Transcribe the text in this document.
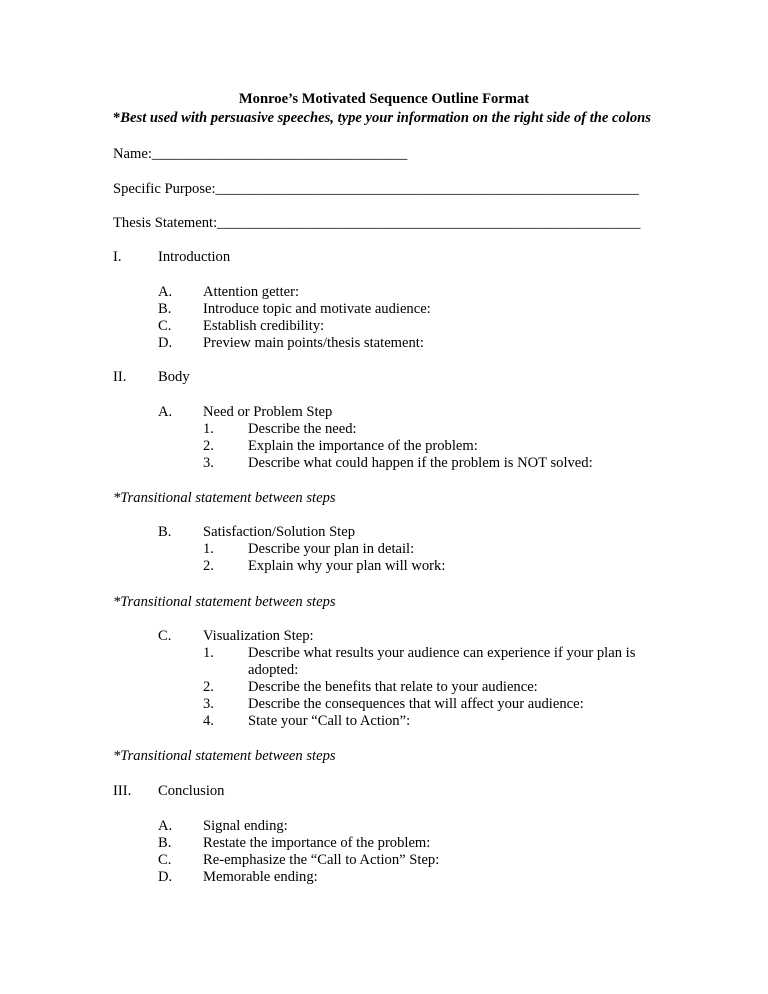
Monroe’s Motivated Sequence Outline Format
*Best used with persuasive speeches, type your information on the right side of the colons
Name:___________________________________
Specific Purpose:__________________________________________________________
Thesis Statement:__________________________________________________________
I. Introduction
A. Attention getter:
B. Introduce topic and motivate audience:
C. Establish credibility:
D. Preview main points/thesis statement:
II. Body
A. Need or Problem Step
1. Describe the need:
2. Explain the importance of the problem:
3. Describe what could happen if the problem is NOT solved:
*Transitional statement between steps
B. Satisfaction/Solution Step
1. Describe your plan in detail:
2. Explain why your plan will work:
*Transitional statement between steps
C. Visualization Step:
1. Describe what results your audience can experience if your plan is
adopted:
2. Describe the benefits that relate to your audience:
3. Describe the consequences that will affect your audience:
4. State your “Call to Action”:
*Transitional statement between steps
III. Conclusion
A. Signal ending:
B. Restate the importance of the problem:
C. Re-emphasize the “Call to Action” Step:
D. Memorable ending:
